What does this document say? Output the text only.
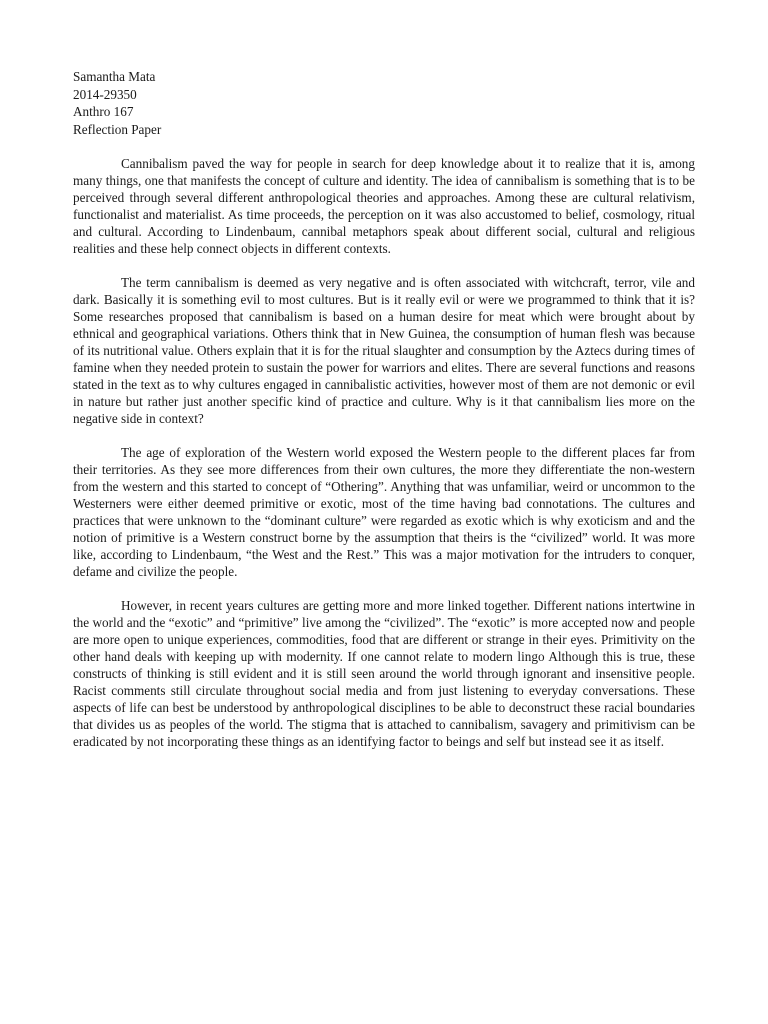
Samantha Mata
2014-29350
Anthro 167
Reflection Paper

Cannibalism paved the way for people in search for deep knowledge about it to realize that it is, among many things, one that manifests the concept of culture and identity. The idea of cannibalism is something that is to be perceived through several different anthropological theories and approaches. Among these are cultural relativism, functionalist and materialist. As time proceeds, the perception on it was also accustomed to belief, cosmology, ritual and cultural. According to Lindenbaum, cannibal metaphors speak about different social, cultural and religious realities and these help connect objects in different contexts.

The term cannibalism is deemed as very negative and is often associated with witchcraft, terror, vile and dark. Basically it is something evil to most cultures. But is it really evil or were we programmed to think that it is? Some researches proposed that cannibalism is based on a human desire for meat which were brought about by ethnical and geographical variations. Others think that in New Guinea, the consumption of human flesh was because of its nutritional value. Others explain that it is for the ritual slaughter and consumption by the Aztecs during times of famine when they needed protein to sustain the power for warriors and elites. There are several functions and reasons stated in the text as to why cultures engaged in cannibalistic activities, however most of them are not demonic or evil in nature but rather just another specific kind of practice and culture. Why is it that cannibalism lies more on the negative side in context?

The age of exploration of the Western world exposed the Western people to the different places far from their territories. As they see more differences from their own cultures, the more they differentiate the non-western from the western and this started to concept of “Othering”. Anything that was unfamiliar, weird or uncommon to the Westerners were either deemed primitive or exotic, most of the time having bad connotations. The cultures and practices that were unknown to the “dominant culture” were regarded as exotic which is why exoticism and and the notion of primitive is a Western construct borne by the assumption that theirs is the “civilized” world. It was more like, according to Lindenbaum, “the West and the Rest.” This was a major motivation for the intruders to conquer, defame and civilize the people.

However, in recent years cultures are getting more and more linked together. Different nations intertwine in the world and the “exotic” and “primitive” live among the “civilized”. The “exotic” is more accepted now and people are more open to unique experiences, commodities, food that are different or strange in their eyes. Primitivity on the other hand deals with keeping up with modernity. If one cannot relate to modern lingo Although this is true, these constructs of thinking is still evident and it is still seen around the world through ignorant and insensitive people. Racist comments still circulate throughout social media and from just listening to everyday conversations. These aspects of life can best be understood by anthropological disciplines to be able to deconstruct these racial boundaries that divides us as peoples of the world. The stigma that is attached to cannibalism, savagery and primitivism can be eradicated by not incorporating these things as an identifying factor to beings and self but instead see it as itself.
